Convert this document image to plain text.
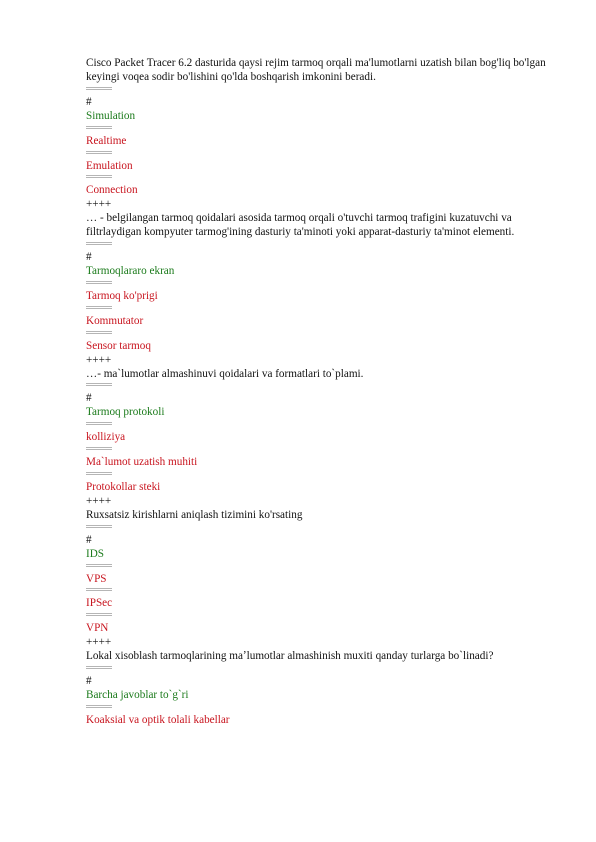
Cisco Packet Tracer 6.2 dasturida qaysi rejim tarmoq orqali ma'lumotlarni uzatish bilan bog'liq bo'lgan keyingi voqea sodir bo'lishini qo'lda boshqarish imkonini beradi.
#
Simulation
Realtime
Emulation
Connection
++++
… - belgilangan tarmoq qoidalari asosida tarmoq orqali o'tuvchi tarmoq trafigini kuzatuvchi va filtrlaydigan kompyuter tarmog'ining dasturiy ta'minoti yoki apparat-dasturiy ta'minot elementi.
#
Tarmoqlararo ekran
Tarmoq ko'prigi
Kommutator
Sensor tarmoq
++++
…- ma`lumotlar almashinuvi qoidalari va formatlari to`plami.
#
Tarmoq protokoli
kolliziya
Ma`lumot uzatish muhiti
Protokollar steki
++++
Ruxsatsiz kirishlarni aniqlash tizimini ko'rsating
#
IDS
VPS
IPSec
VPN
++++
Lokal xisoblash tarmoqlarining maʼlumotlar almashinish muxiti qanday turlarga bo`linadi?
#
Barcha javoblar to`g`ri
Koaksial va optik tolali kabellar
